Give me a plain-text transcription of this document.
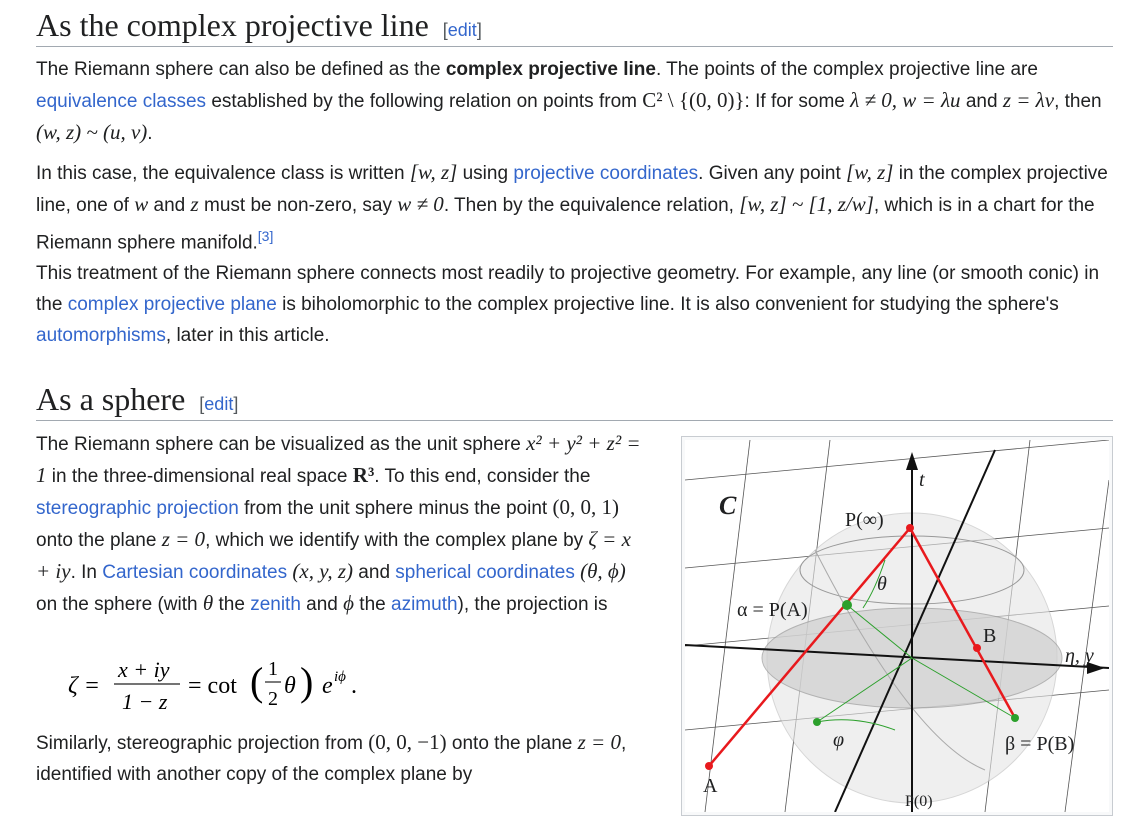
As the complex projective line [edit]

The Riemann sphere can also be defined as the complex projective line. The points of the complex projective line are equivalence classes established by the following relation on points from C² \ {(0, 0)}: If for some λ ≠ 0, w = λu and z = λv, then (w, z) ~ (u, v).

In this case, the equivalence class is written [w, z] using projective coordinates. Given any point [w, z] in the complex projective line, one of w and z must be non-zero, say w ≠ 0. Then by the equivalence relation, [w, z] ~ [1, z/w], which is in a chart for the Riemann sphere manifold.[3]

This treatment of the Riemann sphere connects most readily to projective geometry. For example, any line (or smooth conic) in the complex projective plane is biholomorphic to the complex projective line. It is also convenient for studying the sphere's automorphisms, later in this article.

As a sphere [edit]

The Riemann sphere can be visualized as the unit sphere x² + y² + z² = 1 in the three-dimensional real space R³. To this end, consider the stereographic projection from the unit sphere minus the point (0, 0, 1) onto the plane z = 0, which we identify with the complex plane by ζ = x + iy. In Cartesian coordinates (x, y, z) and spherical coordinates (θ, ϕ) on the sphere (with θ the zenith and ϕ the azimuth), the projection is

ζ =
x + iy
1 − z
= cot ( 1
2 θ ) e iϕ .

Similarly, stereographic projection from (0, 0, −1) onto the plane z = 0, identified with another copy of the complex plane by

C
t
P(∞)
θ
α = P(A)
B
η, y
φ	β = P(B)
A
P(0)
